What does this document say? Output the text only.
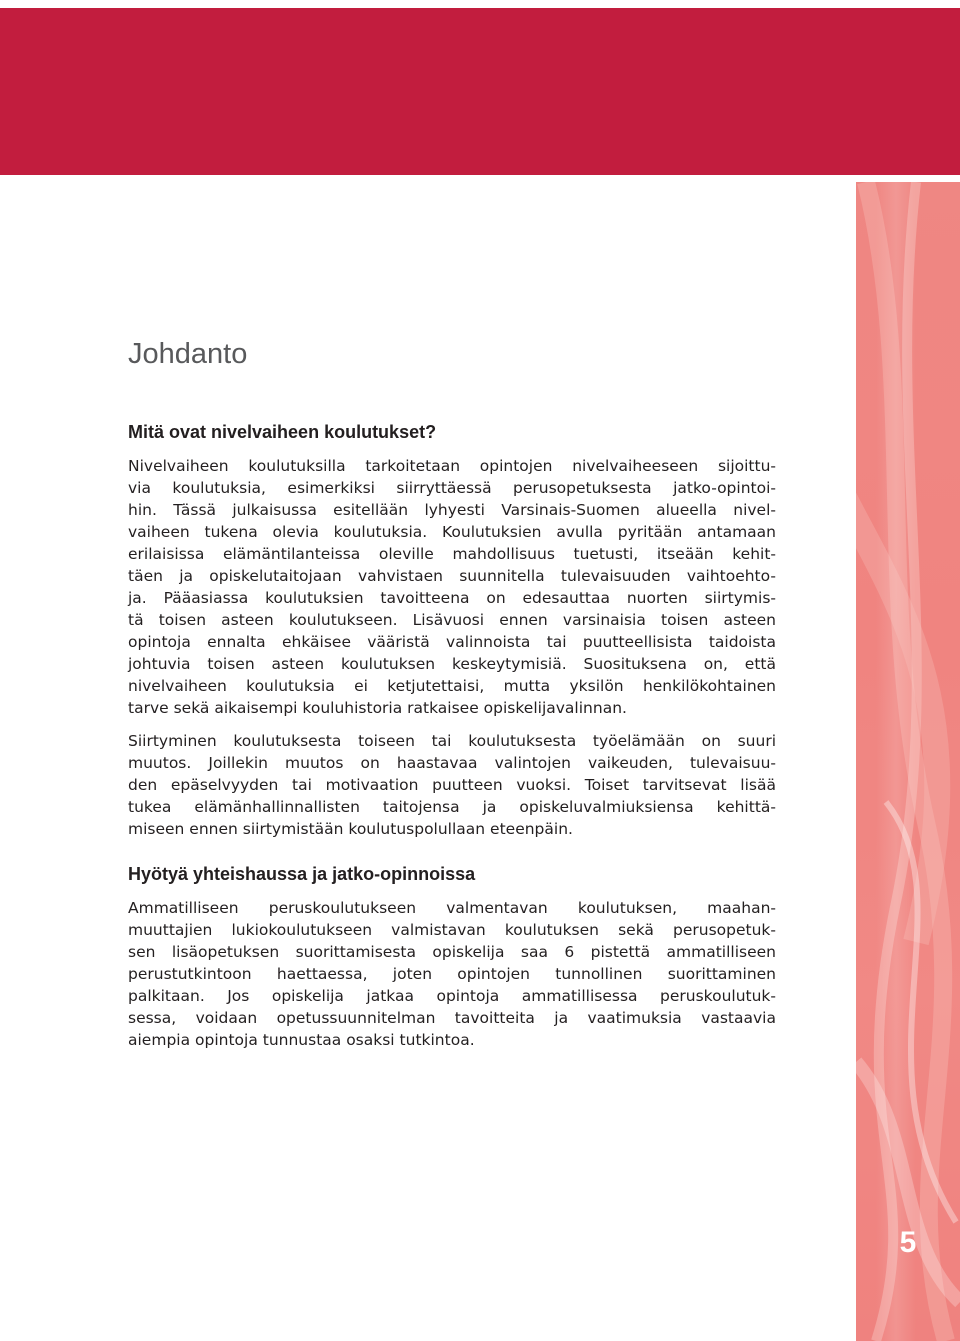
5
Johdanto
Mitä ovat nivelvaiheen koulutukset?
Nivelvaiheen koulutuksilla tarkoitetaan opintojen nivelvaiheeseen sijoittu-
via koulutuksia, esimerkiksi siirryttäessä perusopetuksesta jatko-opintoi-
hin. Tässä julkaisussa esitellään lyhyesti Varsinais-Suomen alueella nivel-
vaiheen tukena olevia koulutuksia. Koulutuksien avulla pyritään antamaan
erilaisissa elämäntilanteissa oleville mahdollisuus tuetusti, itseään kehit-
täen ja opiskelutaitojaan vahvistaen suunnitella tulevaisuuden vaihtoehto-
ja. Pääasiassa koulutuksien tavoitteena on edesauttaa nuorten siirtymis-
tä toisen asteen koulutukseen. Lisävuosi ennen varsinaisia toisen asteen
opintoja ennalta ehkäisee vääristä valinnoista tai puutteellisista taidoista
johtuvia toisen asteen koulutuksen keskeytymisiä. Suosituksena on, että
nivelvaiheen koulutuksia ei ketjutettaisi, mutta yksilön henkilökohtainen
tarve sekä aikaisempi kouluhistoria ratkaisee opiskelijavalinnan.
Siirtyminen koulutuksesta toiseen tai koulutuksesta työelämään on suuri
muutos. Joillekin muutos on haastavaa valintojen vaikeuden, tulevaisuu-
den epäselvyyden tai motivaation puutteen vuoksi. Toiset tarvitsevat lisää
tukea elämänhallinnallisten taitojensa ja opiskeluvalmiuksiensa kehittä-
miseen ennen siirtymistään koulutuspolullaan eteenpäin.
Hyötyä yhteishaussa ja jatko-opinnoissa
Ammatilliseen peruskoulutukseen valmentavan koulutuksen, maahan-
muuttajien lukiokoulutukseen valmistavan koulutuksen sekä perusopetuk-
sen lisäopetuksen suorittamisesta opiskelija saa 6 pistettä ammatilliseen
perustutkintoon haettaessa, joten opintojen tunnollinen suorittaminen
palkitaan. Jos opiskelija jatkaa opintoja ammatillisessa peruskoulutuk-
sessa, voidaan opetussuunnitelman tavoitteita ja vaatimuksia vastaavia
aiempia opintoja tunnustaa osaksi tutkintoa.
